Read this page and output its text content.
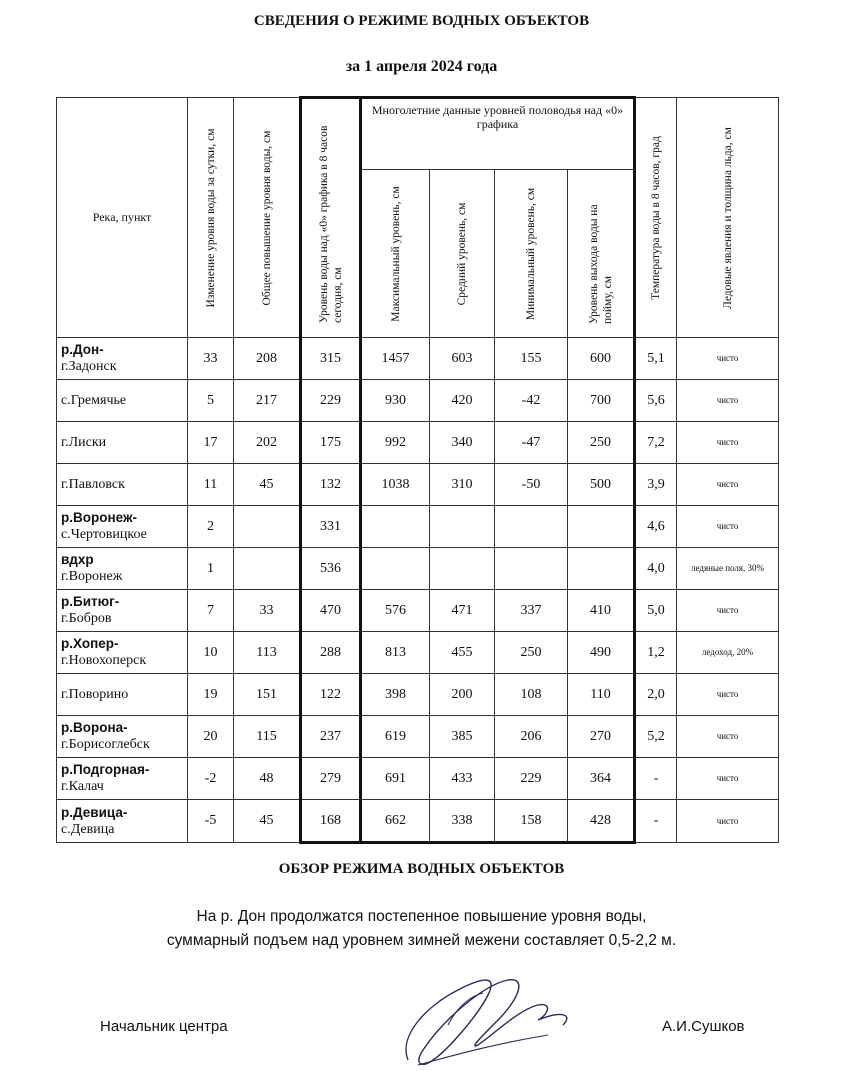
СВЕДЕНИЯ О РЕЖИМЕ ВОДНЫХ ОБЪЕКТОВ
за 1 апреля 2024 года
Река, пункт	Изменение уровня воды за сутки, см	Общее повышение уровня воды, см	Уровень воды над «0» графика в 8 часов сегодня, см	Многолетние данные уровней половодья над «0» графика				Температура воды в 8 часов, град	Ледовые явления и толщина льда, см

				Максимальный уровень, см	Средний уровень, см	Минимальный уровень, см	Уровень выхода воды на пойму, см		

р.Дон-
г.Задонск	33	208	315	1457	603	155	600	5,1	чисто

с.Гремячье	5	217	229	930	420	-42	700	5,6	чисто

г.Лиски	17	202	175	992	340	-47	250	7,2	чисто

г.Павловск	11	45	132	1038	310	-50	500	3,9	чисто
р.Воронеж-
с.Чертовицкое	2		331					4,6	чисто
вдхр
г.Воронеж	1		536					4,0	ледяные поля, 30%
р.Битюг-
г.Бобров	7	33	470	576	471	337	410	5,0	чисто
р.Хопер-
г.Новохоперск	10	113	288	813	455	250	490	1,2	ледоход, 20%

г.Поворино	19	151	122	398	200	108	110	2,0	чисто
р.Ворона-
г.Борисоглебск	20	115	237	619	385	206	270	5,2	чисто
р.Подгорная-
г.Калач	-2	48	279	691	433	229	364	-	чисто
р.Девица-
с.Девица	-5	45	168	662	338	158	428	-	чисто
ОБЗОР РЕЖИМА ВОДНЫХ ОБЪЕКТОВ
На р. Дон продолжатся постепенное повышение уровня воды,
суммарный подъем над уровнем зимней межени составляет 0,5-2,2 м.
Начальник центра	А.И.Сушков
